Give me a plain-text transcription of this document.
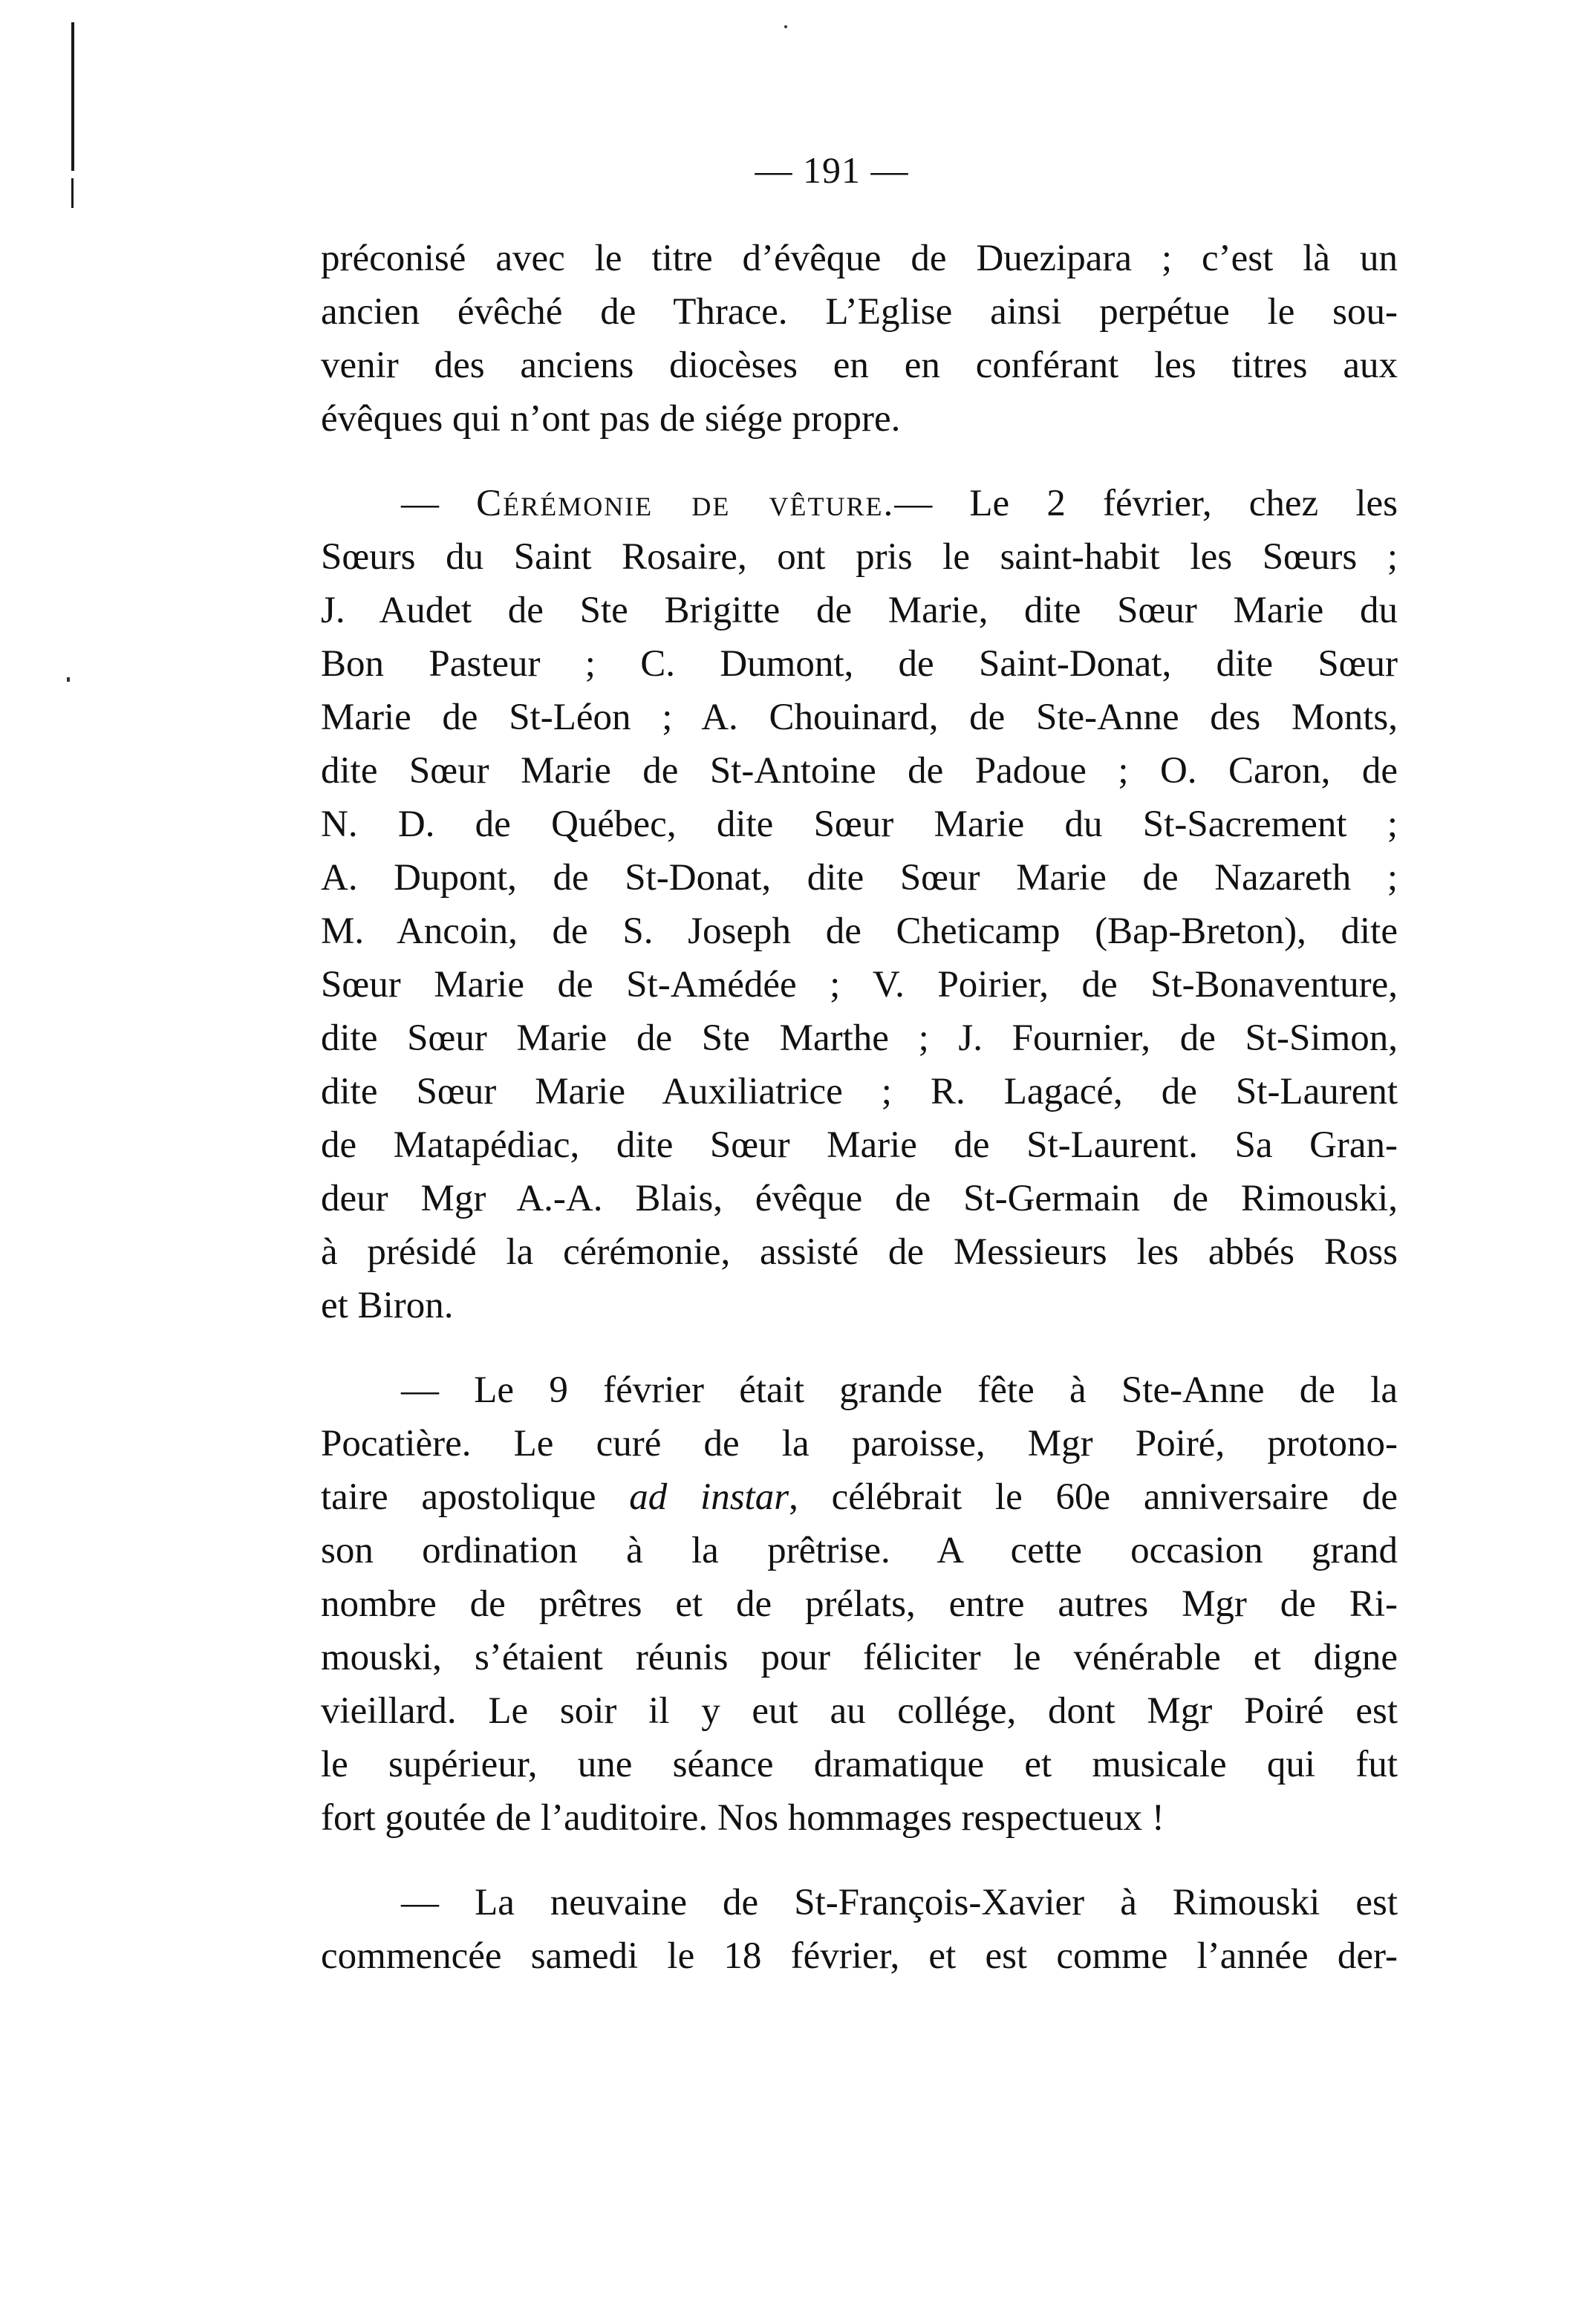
— 191 —
préconisé avec le titre d’évêque de Duezipara ; c’est là un
ancien évêché de Thrace. L’Eglise ainsi perpétue le sou-
venir des anciens diocèses en en conférant les titres aux
évêques qui n’ont pas de siége propre.
— Cérémonie de vêture.— Le 2 février, chez les
Sœurs du Saint Rosaire, ont pris le saint-habit les Sœurs ;
J. Audet de Ste Brigitte de Marie, dite Sœur Marie du
Bon Pasteur ; C. Dumont, de Saint-Donat, dite Sœur
Marie de St-Léon ; A. Chouinard, de Ste-Anne des Monts,
dite Sœur Marie de St-Antoine de Padoue ; O. Caron, de
N. D. de Québec, dite Sœur Marie du St-Sacrement ;
A. Dupont, de St-Donat, dite Sœur Marie de Nazareth ;
M. Ancoin, de S. Joseph de Cheticamp (Bap-Breton), dite
Sœur Marie de St-Amédée ; V. Poirier, de St-Bonaventure,
dite Sœur Marie de Ste Marthe ; J. Fournier, de St-Simon,
dite Sœur Marie Auxiliatrice ; R. Lagacé, de St-Laurent
de Matapédiac, dite Sœur Marie de St-Laurent. Sa Gran-
deur Mgr A.-A. Blais, évêque de St-Germain de Rimouski,
à présidé la cérémonie, assisté de Messieurs les abbés Ross
et Biron.
— Le 9 février était grande fête à Ste-Anne de la
Pocatière. Le curé de la paroisse, Mgr Poiré, protono-
taire apostolique ad instar, célébrait le 60e anniversaire de
son ordination à la prêtrise. A cette occasion grand
nombre de prêtres et de prélats, entre autres Mgr de Ri-
mouski, s’étaient réunis pour féliciter le vénérable et digne
vieillard. Le soir il y eut au collége, dont Mgr Poiré est
le supérieur, une séance dramatique et musicale qui fut
fort goutée de l’auditoire. Nos hommages respectueux !
— La neuvaine de St-François-Xavier à Rimouski est
commencée samedi le 18 février, et est comme l’année der-
